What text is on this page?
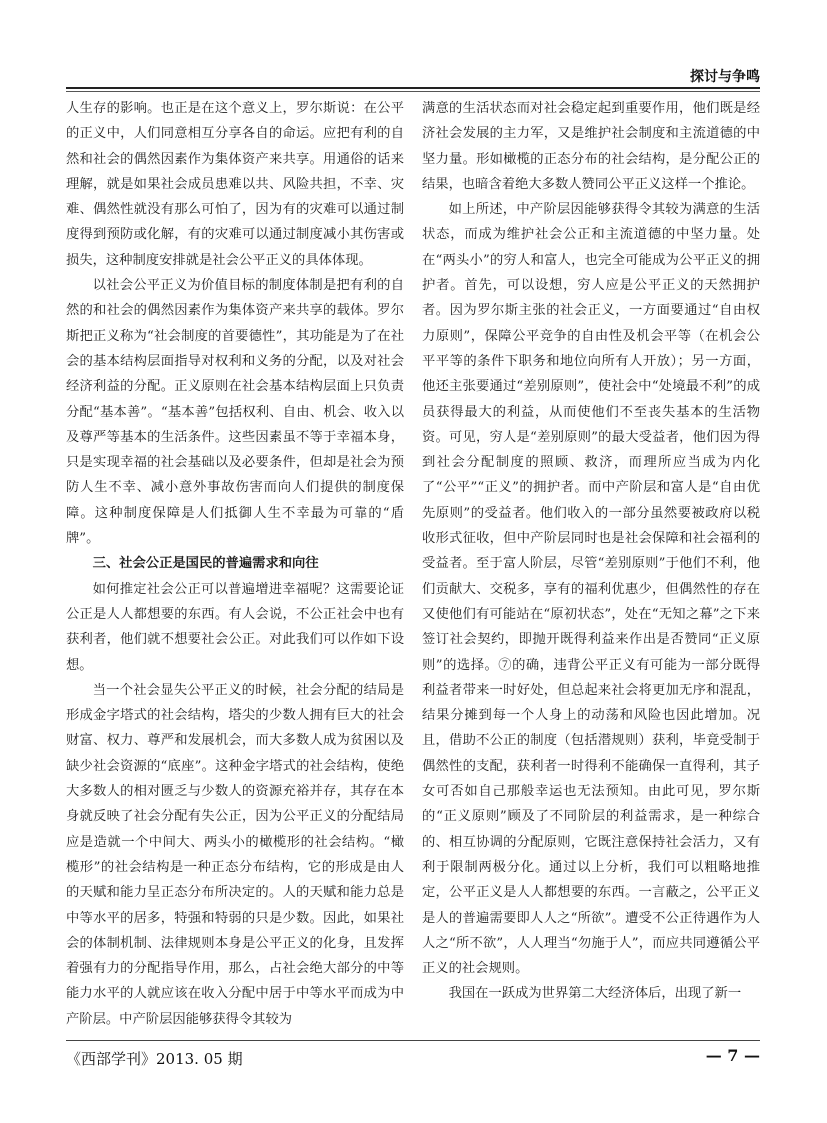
探讨与争鸣

人生存的影响。也正是在这个意义上，罗尔斯说：在公平的正义中，人们同意相互分享各自的命运。应把有利的自然和社会的偶然因素作为集体资产来共享。用通俗的话来理解，就是如果社会成员患难以共、风险共担，不幸、灾难、偶然性就没有那么可怕了，因为有的灾难可以通过制度得到预防或化解，有的灾难可以通过制度减小其伤害或损失，这种制度安排就是社会公平正义的具体体现。

以社会公平正义为价值目标的制度体制是把有利的自然的和社会的偶然因素作为集体资产来共享的载体。罗尔斯把正义称为“社会制度的首要德性”，其功能是为了在社会的基本结构层面指导对权利和义务的分配，以及对社会经济利益的分配。正义原则在社会基本结构层面上只负责分配“基本善”。“基本善”包括权利、自由、机会、收入以及尊严等基本的生活条件。这些因素虽不等于幸福本身，只是实现幸福的社会基础以及必要条件，但却是社会为预防人生不幸、减小意外事故伤害而向人们提供的制度保障。这种制度保障是人们抵御人生不幸最为可靠的“盾牌”。

三、社会公正是国民的普遍需求和向往

如何推定社会公正可以普遍增进幸福呢？这需要论证公正是人人都想要的东西。有人会说，不公正社会中也有获利者，他们就不想要社会公正。对此我们可以作如下设想。

当一个社会显失公平正义的时候，社会分配的结局是形成金字塔式的社会结构，塔尖的少数人拥有巨大的社会财富、权力、尊严和发展机会，而大多数人成为贫困以及缺少社会资源的“底座”。这种金字塔式的社会结构，使绝大多数人的相对匮乏与少数人的资源充裕并存，其存在本身就反映了社会分配有失公正，因为公平正义的分配结局应是造就一个中间大、两头小的橄榄形的社会结构。“橄榄形”的社会结构是一种正态分布结构，它的形成是由人的天赋和能力呈正态分布所决定的。人的天赋和能力总是中等水平的居多，特强和特弱的只是少数。因此，如果社会的体制机制、法律规则本身是公平正义的化身，且发挥着强有力的分配指导作用，那么，占社会绝大部分的中等能力水平的人就应该在收入分配中居于中等水平而成为中产阶层。中产阶层因能够获得令其较为

满意的生活状态而对社会稳定起到重要作用，他们既是经济社会发展的主力军，又是维护社会制度和主流道德的中坚力量。形如橄榄的正态分布的社会结构，是分配公正的结果，也暗含着绝大多数人赞同公平正义这样一个推论。

如上所述，中产阶层因能够获得令其较为满意的生活状态，而成为维护社会公正和主流道德的中坚力量。处在“两头小”的穷人和富人，也完全可能成为公平正义的拥护者。首先，可以设想，穷人应是公平正义的天然拥护者。因为罗尔斯主张的社会正义，一方面要通过“自由权力原则”，保障公平竞争的自由性及机会平等（在机会公平平等的条件下职务和地位向所有人开放）；另一方面，他还主张要通过“差别原则”，使社会中“处境最不利”的成员获得最大的利益，从而使他们不至丧失基本的生活物资。可见，穷人是“差别原则”的最大受益者，他们因为得到社会分配制度的照顾、救济，而理所应当成为内化了“公平”“正义”的拥护者。而中产阶层和富人是“自由优先原则”的受益者。他们收入的一部分虽然要被政府以税收形式征收，但中产阶层同时也是社会保障和社会福利的受益者。至于富人阶层，尽管“差别原则”于他们不利，他们贡献大、交税多，享有的福利优惠少，但偶然性的存在又使他们有可能站在“原初状态”，处在“无知之幕”之下来签订社会契约，即抛开既得利益来作出是否赞同“正义原则”的选择。⑦的确，违背公平正义有可能为一部分既得利益者带来一时好处，但总起来社会将更加无序和混乱，结果分摊到每一个人身上的动荡和风险也因此增加。况且，借助不公正的制度（包括潜规则）获利，毕竟受制于偶然性的支配，获利者一时得利不能确保一直得利，其子女可否如自己那般幸运也无法预知。由此可见，罗尔斯的“正义原则”顾及了不同阶层的利益需求，是一种综合的、相互协调的分配原则，它既注意保持社会活力，又有利于限制两极分化。通过以上分析，我们可以粗略地推定，公平正义是人人都想要的东西。一言蔽之，公平正义是人的普遍需要即人人之“所欲”。遭受不公正待遇作为人人之“所不欲”，人人理当“勿施于人”，而应共同遵循公平正义的社会规则。

我国在一跃成为世界第二大经济体后，出现了新一

《西部学刊》2013. 05 期	— 7 —
